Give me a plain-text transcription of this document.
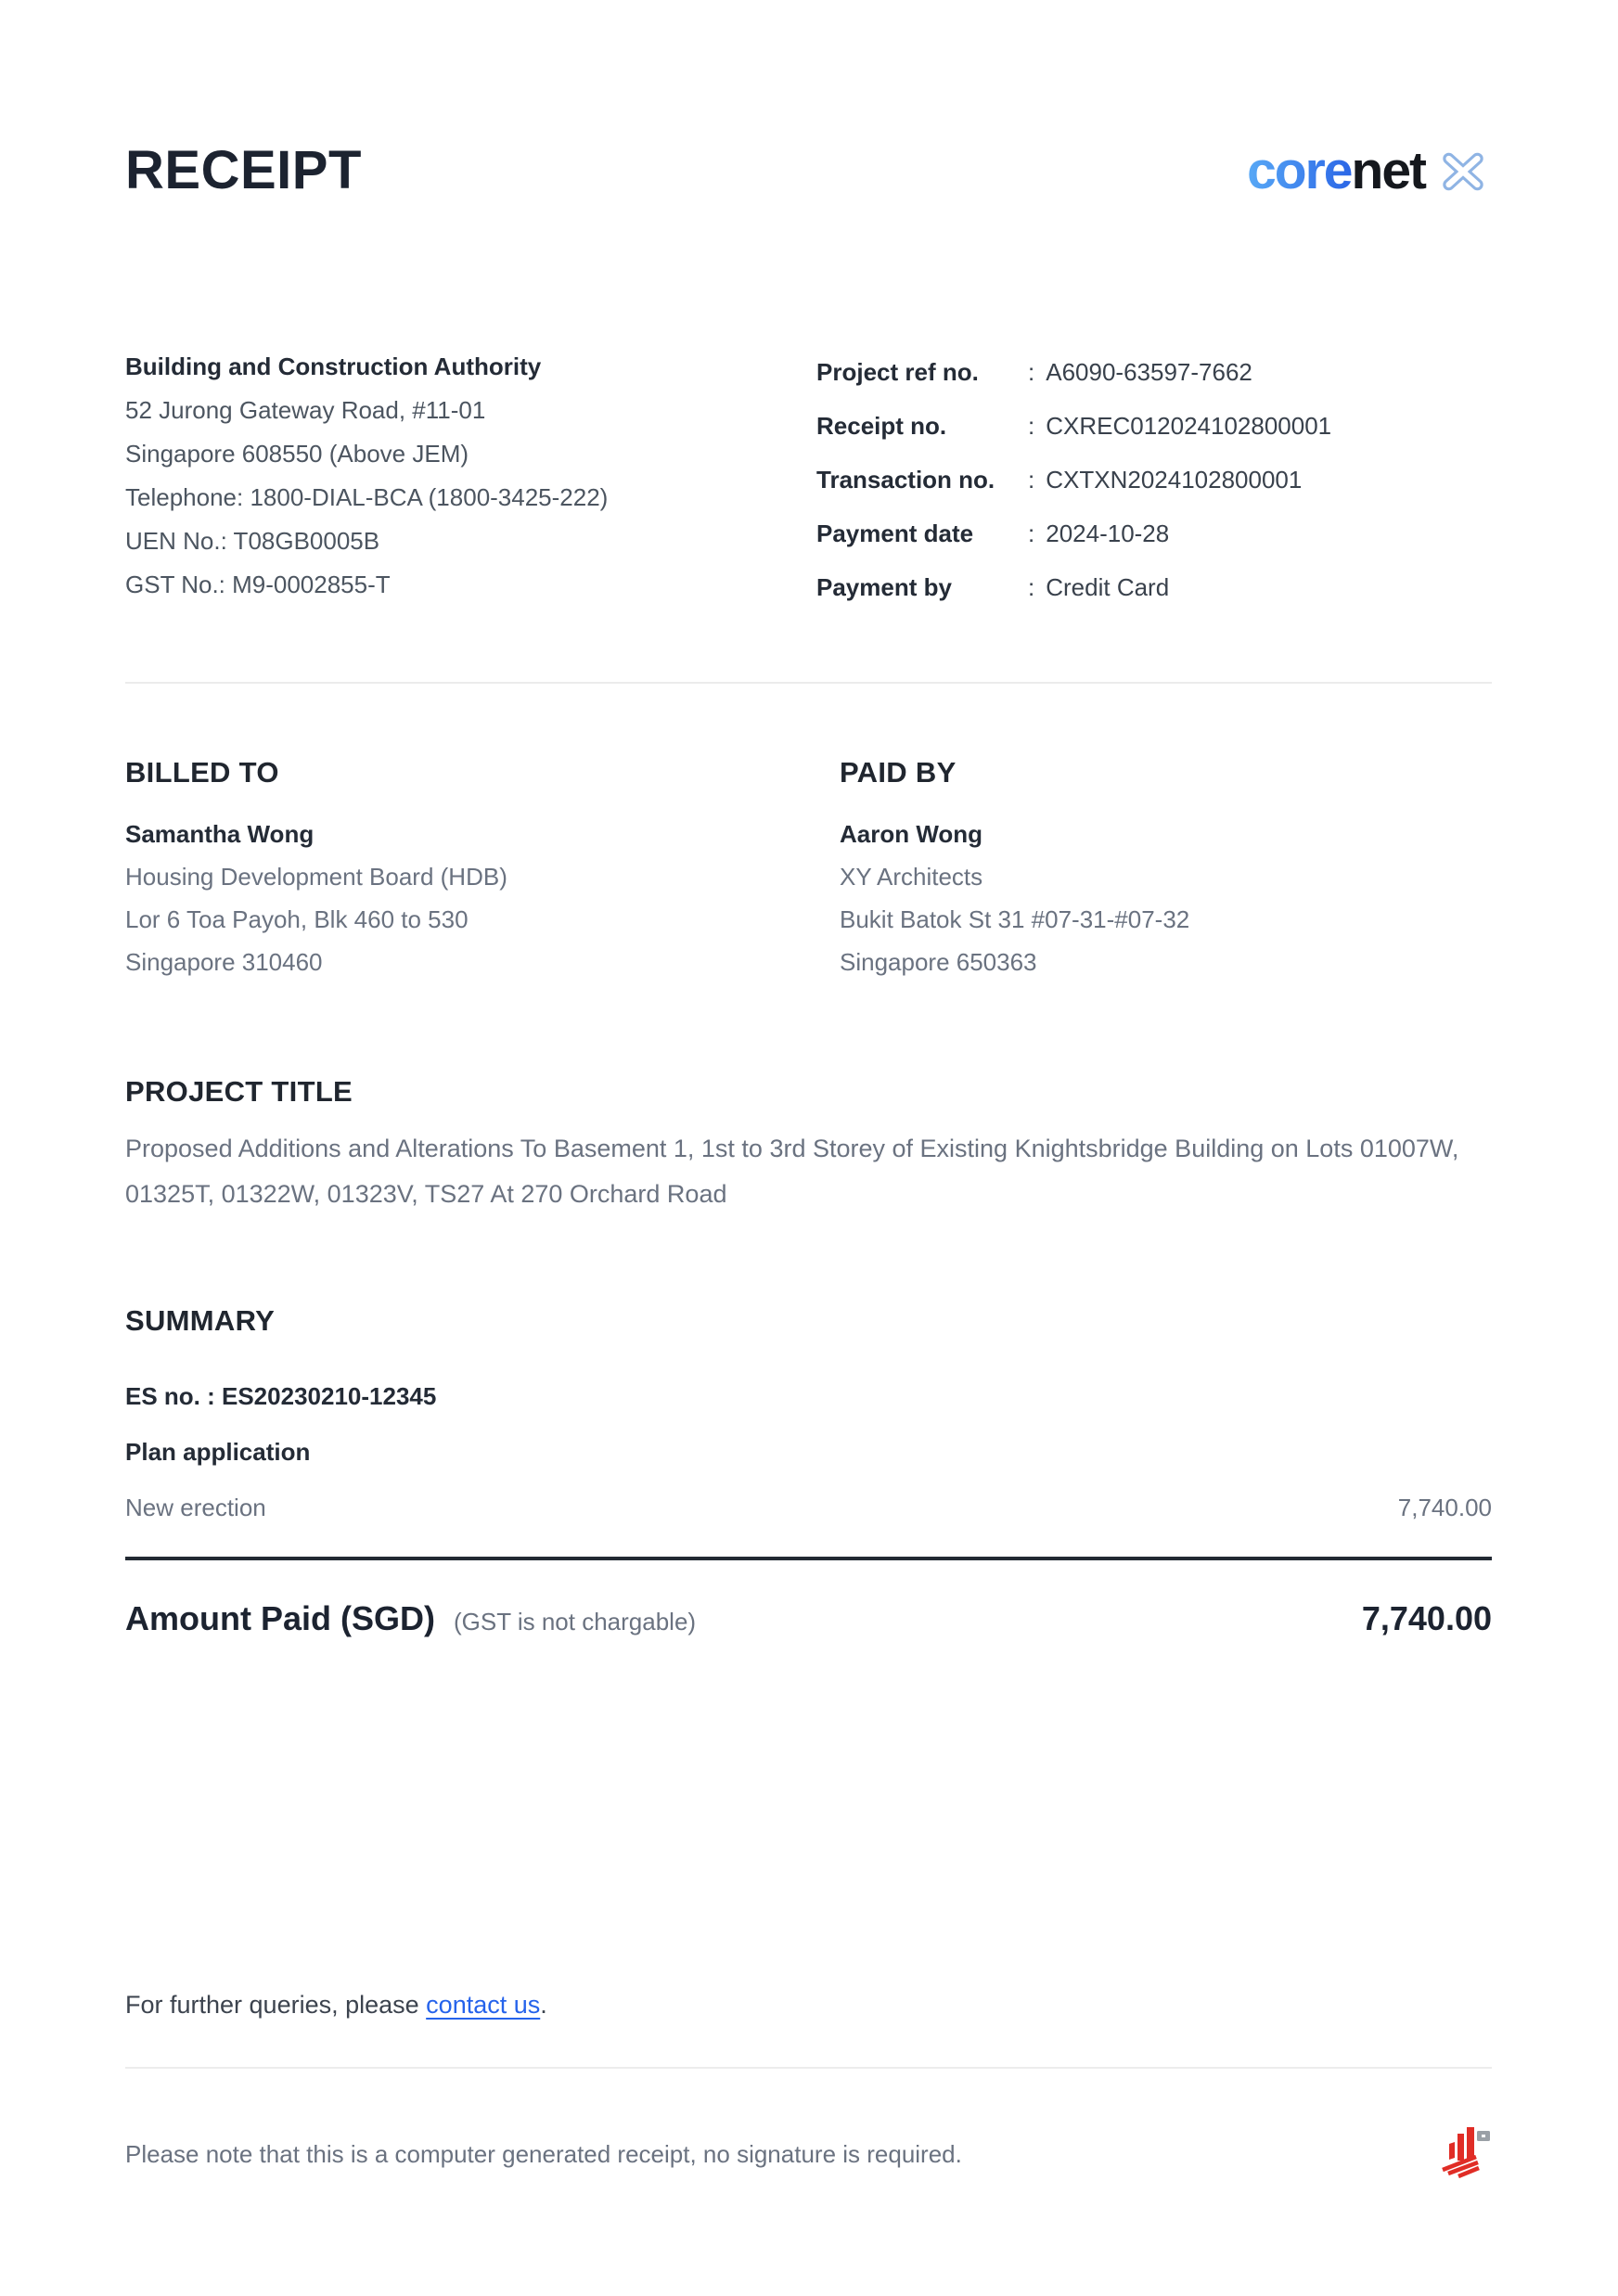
RECEIPT	core net
Building and Construction Authority
52 Jurong Gateway Road, #11-01
Singapore 608550 (Above JEM)
Telephone: 1800-DIAL-BCA (1800-3425-222)
UEN No.: T08GB0005B
GST No.: M9-0002855-T
Project ref no.	: A6090-63597-7662
Receipt no.	: CXREC012024102800001
Transaction no.	: CXTXN2024102800001
Payment date	: 2024-10-28
Payment by	: Credit Card
BILLED TO
Samantha Wong
Housing Development Board (HDB)
Lor 6 Toa Payoh, Blk 460 to 530
Singapore 310460
PAID BY
Aaron Wong
XY Architects
Bukit Batok St 31 #07-31-#07-32
Singapore 650363
PROJECT TITLE

Proposed Additions and Alterations To Basement 1, 1st to 3rd Storey of Existing Knightsbridge Building on Lots 01007W, 01325T, 01322W, 01323V, TS27 At 270 Orchard Road

SUMMARY
ES no. : ES20230210-12345
Plan application
New erection	7,740.00
Amount Paid (SGD) (GST is not chargable)	7,740.00
For further queries, please contact us.
Please note that this is a computer generated receipt, no signature is required.
